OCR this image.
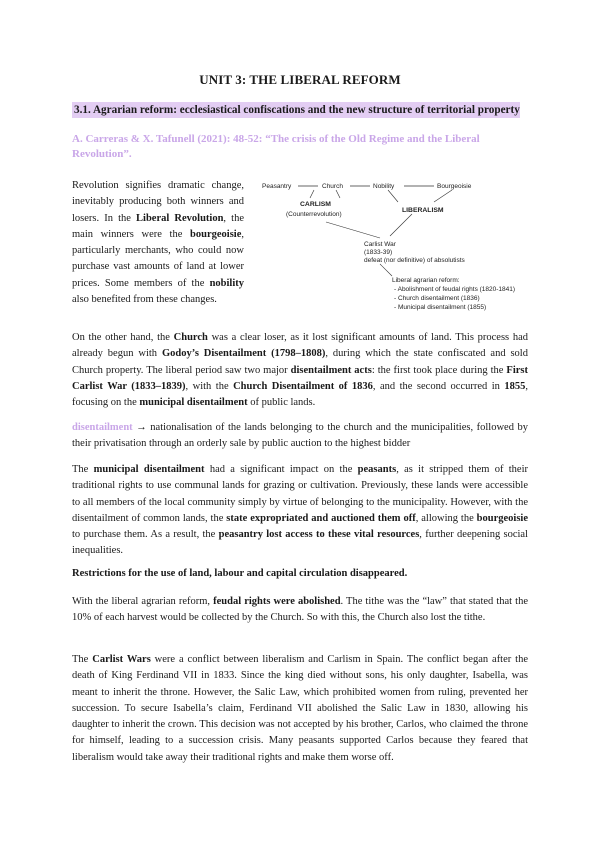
UNIT 3: THE LIBERAL REFORM
3.1. Agrarian reform: ecclesiastical confiscations and the new structure of territorial property
A. Carreras & X. Tafunell (2021): 48-52: “The crisis of the Old Regime and the Liberal
Revolution”.
Revolution signifies dramatic change, inevitably producing both winners and losers. In the Liberal Revolution, the main winners were the bourgeoisie, particularly merchants, who could now purchase vast amounts of land at lower prices. Some members of the nobility also benefited from these changes.
Peasantry	Church	Nobility	Bourgeoisie
CARLISM
(Counterrevolution)
LIBERALISM
Carlist War
(1833-39)
defeat (nor definitive) of absolutists
Liberal agrarian reform:
- Abolishment of feudal rights (1820-1841)
- Church disentailment (1836)
- Municipal disentailment (1855)
On the other hand, the Church was a clear loser, as it lost significant amounts of land. This process had already begun with Godoy’s Disentailment (1798–1808), during which the state confiscated and sold Church property. The liberal period saw two major disentailment acts: the first took place during the First Carlist War (1833–1839), with the Church Disentailment of 1836, and the second occurred in 1855, focusing on the municipal disentailment of public lands.
disentailment → nationalisation of the lands belonging to the church and the municipalities, followed by their privatisation through an orderly sale by public auction to the highest bidder
The municipal disentailment had a significant impact on the peasants, as it stripped them of their traditional rights to use communal lands for grazing or cultivation. Previously, these lands were accessible to all members of the local community simply by virtue of belonging to the municipality. However, with the disentailment of common lands, the state expropriated and auctioned them off, allowing the bourgeoisie to purchase them. As a result, the peasantry lost access to these vital resources, further deepening social inequalities.
Restrictions for the use of land, labour and capital circulation disappeared.
With the liberal agrarian reform, feudal rights were abolished. The tithe was the “law” that stated that the 10% of each harvest would be collected by the Church. So with this, the Church also lost the tithe.
The Carlist Wars were a conflict between liberalism and Carlism in Spain. The conflict began after the death of King Ferdinand VII in 1833. Since the king died without sons, his only daughter, Isabella, was meant to inherit the throne. However, the Salic Law, which prohibited women from ruling, prevented her succession. To secure Isabella’s claim, Ferdinand VII abolished the Salic Law in 1830, allowing his daughter to inherit the crown. This decision was not accepted by his brother, Carlos, who claimed the throne for himself, leading to a succession crisis. Many peasants supported Carlos because they feared that liberalism would take away their traditional rights and make them worse off.
